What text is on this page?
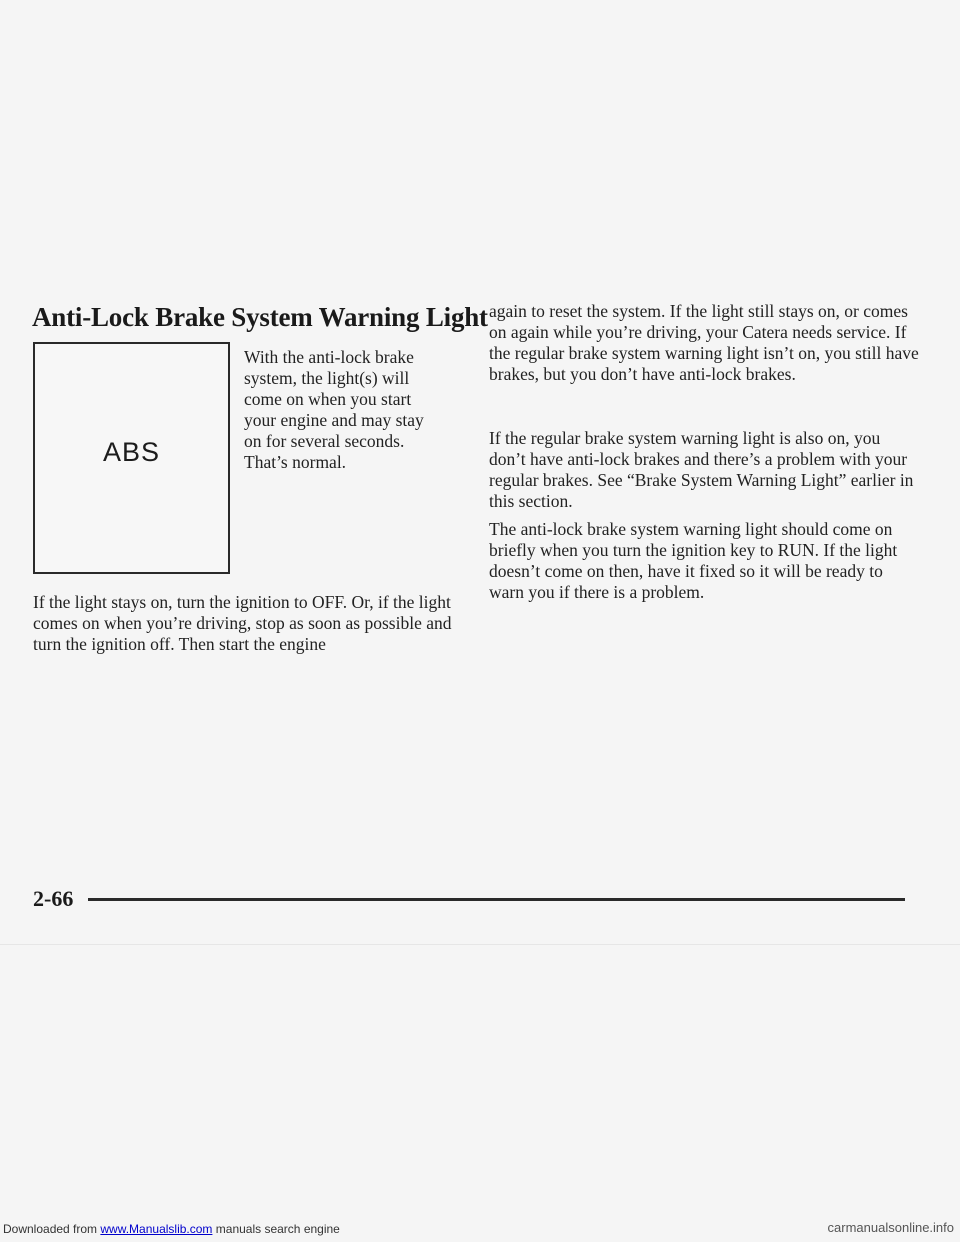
Anti-Lock Brake System Warning Light
ABS

With the anti-lock brake system, the light(s) will come on when you start your engine and may stay on for several seconds. That’s normal.

If the light stays on, turn the ignition to OFF. Or, if the light comes on when you’re driving, stop as soon as possible and turn the ignition off. Then start the engine

again to reset the system. If the light still stays on, or comes on again while you’re driving, your Catera needs service. If the regular brake system warning light isn’t on, you still have brakes, but you don’t have anti-lock brakes.

If the regular brake system warning light is also on, you don’t have anti-lock brakes and there’s a problem with your regular brakes. See “Brake System Warning Light” earlier in this section.

The anti-lock brake system warning light should come on briefly when you turn the ignition key to RUN. If the light doesn’t come on then, have it fixed so it will be ready to warn you if there is a problem.

2-66
Downloaded from www.Manualslib.com manuals search engine	carmanualsonline.info
